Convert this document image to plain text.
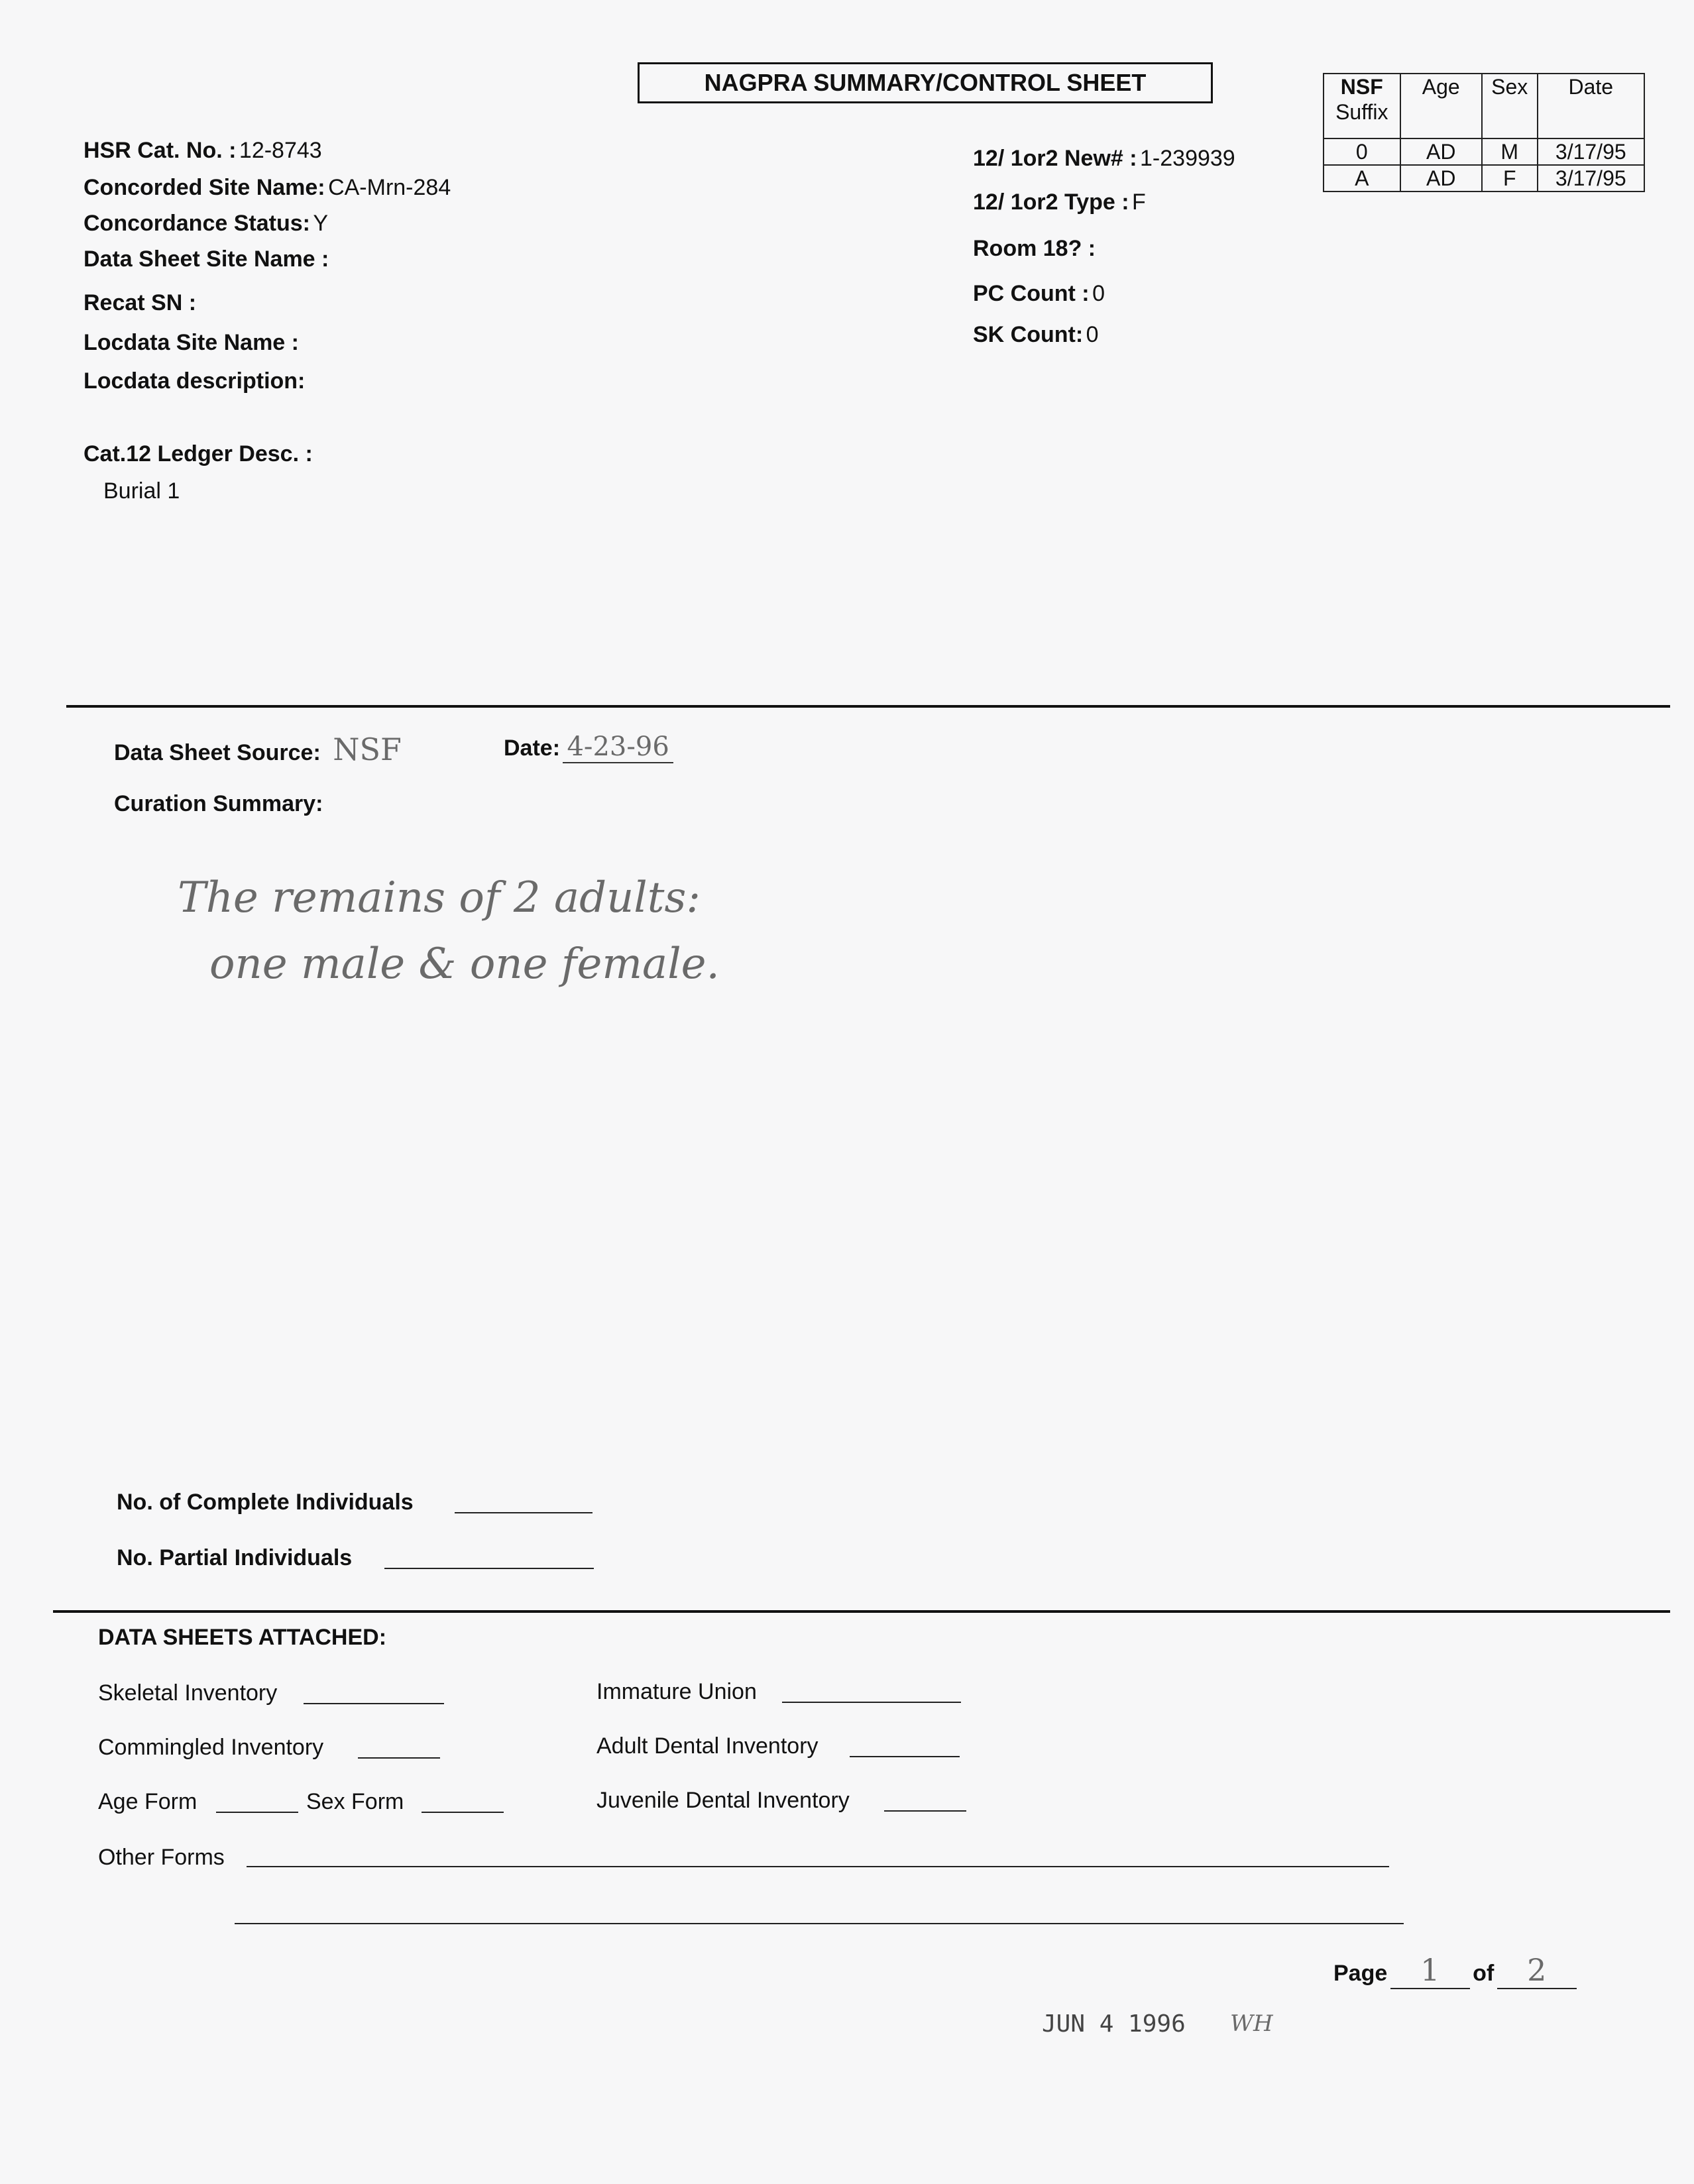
NAGPRA SUMMARY/CONTROL SHEET
HSR Cat. No. : 12-8743
Concorded Site Name: CA-Mrn-284
Concordance Status: Y
Data Sheet Site Name :
Recat SN :
Locdata Site Name :
Locdata description:
Cat.12 Ledger Desc. :
Burial 1
12/ 1or2 New# : 1-239939
12/ 1or2 Type : F
Room 18? :
PC Count : 0
SK Count: 0
NSF
Suffix	Age	Sex	Date
0	AD	M	3/17/95
A	AD	F	3/17/95
Data Sheet Source: NSF	Date: 4-23-96
Curation Summary:
The remains of 2 adults:
one male & one female.
No. of Complete Individuals
No. Partial Individuals
DATA SHEETS ATTACHED:
Skeletal Inventory
Commingled Inventory
Age Form	Sex Form
Other Forms
Immature Union
Adult Dental Inventory
Juvenile Dental Inventory
Page 1 of 2
JUN 4 1996 WH
